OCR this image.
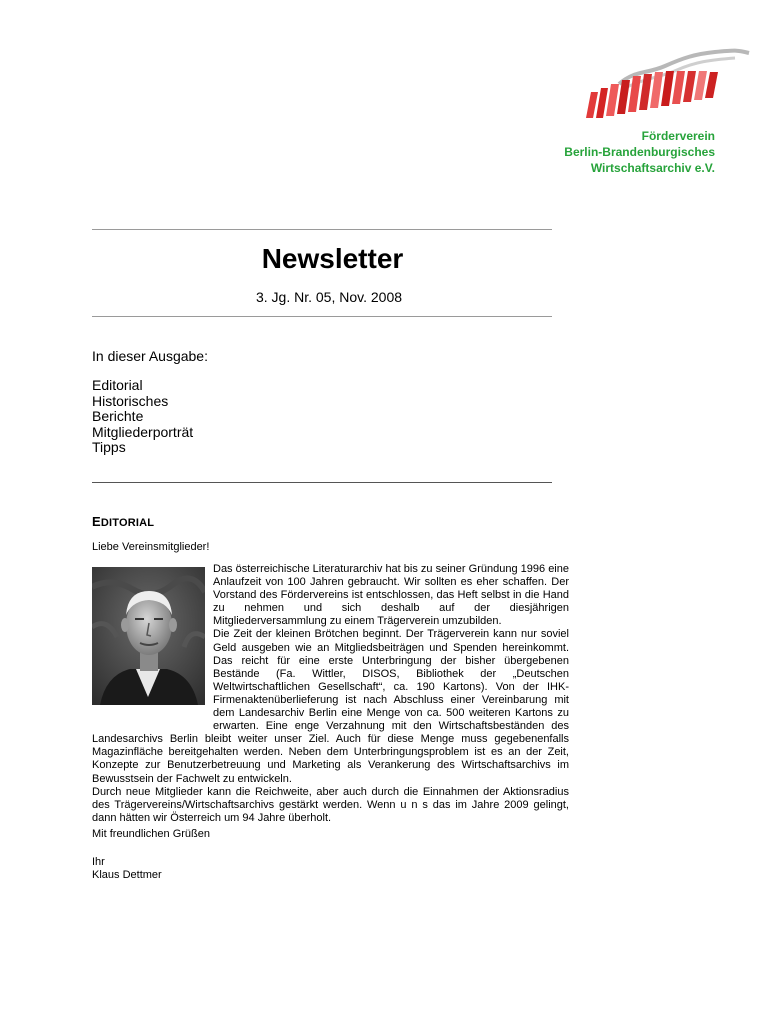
Förderverein
Berlin-Brandenburgisches
Wirtschaftsarchiv e.V.
Newsletter
3. Jg. Nr. 05, Nov. 2008
In dieser Ausgabe:
Editorial
Historisches
Berichte
Mitgliederporträt
Tipps
EDITORIAL
Liebe Vereinsmitglieder!

Das österreichische Literaturarchiv hat bis zu seiner Gründung 1996 eine Anlaufzeit von 100 Jahren gebraucht. Wir sollten es eher schaffen. Der Vorstand des Fördervereins ist entschlossen, das Heft selbst in die Hand zu nehmen und sich deshalb auf der diesjährigen Mitgliederversammlung zu einem Trägerverein umzubilden.

Die Zeit der kleinen Brötchen beginnt. Der Trägerverein kann nur soviel Geld ausgeben wie an Mitgliedsbeiträgen und Spenden hereinkommt. Das reicht für eine erste Unterbringung der bisher übergebenen Bestände (Fa. Wittler, DISOS, Bibliothek der „Deutschen Weltwirtschaftlichen Gesellschaft“, ca. 190 Kartons). Von der IHK-Firmenaktenüberlieferung ist nach Abschluss einer Vereinbarung mit dem Landesarchiv Berlin eine Menge von ca. 500 weiteren Kartons zu erwarten. Eine enge Verzahnung mit den Wirtschaftsbeständen des Landesarchivs Berlin bleibt weiter unser Ziel. Auch für diese Menge muss gegebenenfalls Magazinfläche bereitgehalten werden. Neben dem Unterbringungsproblem ist es an der Zeit, Konzepte zur Benutzerbetreuung und Marketing als Verankerung des Wirtschaftsarchivs im Bewusstsein der Fachwelt zu entwickeln.

Durch neue Mitglieder kann die Reichweite, aber auch durch die Einnahmen der Aktionsradius des Trägervereins/Wirtschaftsarchivs gestärkt werden. Wenn u n s das im Jahre 2009 gelingt, dann hätten wir Österreich um 94 Jahre überholt.

Mit freundlichen Grüßen
Ihr
Klaus Dettmer
